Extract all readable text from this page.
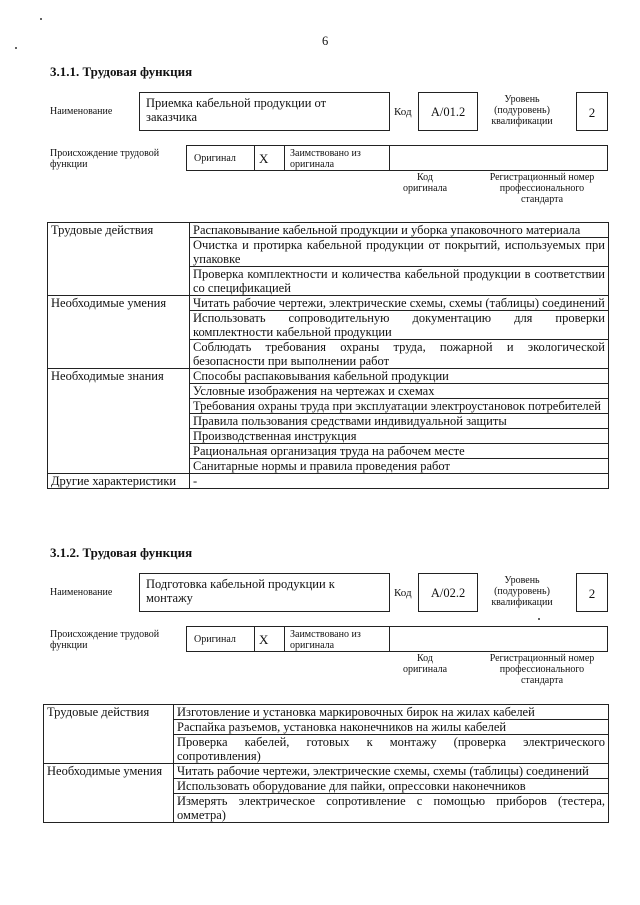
6
3.1.1. Трудовая функция
Наименование
Приемка кабельной продукции от
заказчика	Код	A/01.2
Уровень
(подуровень)
квалификации
2
Происхождение трудовой
функции
Оригинал X Заимствовано из
оригинала
Код
оригинала
Регистрационный номер
профессионального
стандарта
Трудовые действия	Распаковывание кабельной продукции и уборка упаковочного материала
	Очистка и протирка кабельной продукции от покрытий, используемых при упаковке
	Проверка комплектности и количества кабельной продукции в соответствии со спецификацией
Необходимые умения	Читать рабочие чертежи, электрические схемы, схемы (таблицы) соединений
	Использовать сопроводительную документацию для проверки комплектности кабельной продукции
	Соблюдать требования охраны труда, пожарной и экологической безопасности при выполнении работ
Необходимые знания	Способы распаковывания кабельной продукции
	Условные изображения на чертежах и схемах
	Требования охраны труда при эксплуатации электроустановок потребителей
	Правила пользования средствами индивидуальной защиты
	Производственная инструкция
	Рациональная организация труда на рабочем месте
	Санитарные нормы и правила проведения работ
Другие характеристики	-
3.1.2. Трудовая функция
Наименование
Подготовка кабельной продукции к
монтажу	Код	A/02.2
Уровень
(подуровень)
квалификации
2
Происхождение трудовой
функции
Оригинал X Заимствовано из
оригинала
Код
оригинала
Регистрационный номер
профессионального
стандарта
Трудовые действия	Изготовление и установка маркировочных бирок на жилах кабелей
	Распайка разъемов, установка наконечников на жилы кабелей
	Проверка кабелей, готовых к монтажу (проверка электрического сопротивления)
Необходимые умения	Читать рабочие чертежи, электрические схемы, схемы (таблицы) соединений
	Использовать оборудование для пайки, опрессовки наконечников
	Измерять электрическое сопротивление с помощью приборов (тестера, омметра)
